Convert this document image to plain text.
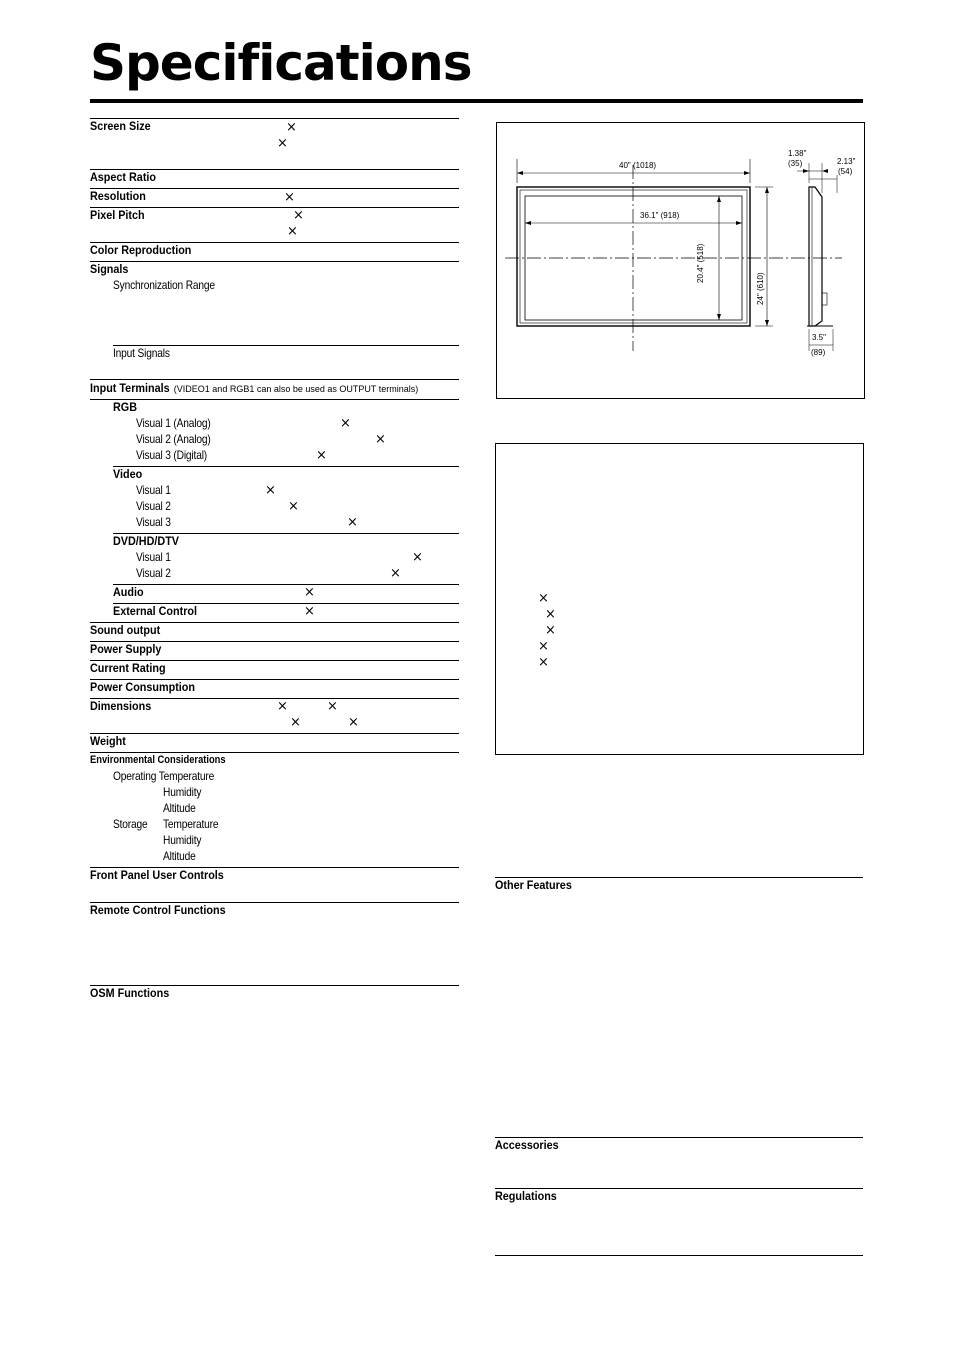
Specifications
Screen Size	×
×
Aspect Ratio
Resolution	×
Pixel Pitch	×
×
Color Reproduction
Signals
Synchronization Range
Input Signals
Input Terminals (VIDEO1 and RGB1 can also be used as OUTPUT terminals)
RGB
Visual 1 (Analog)	×
Visual 2 (Analog)	×
Visual 3 (Digital)	×
Video
Visual 1	×
Visual 2	×
Visual 3	×
DVD/HD/DTV
Visual 1	×
Visual 2	×
Audio	×
External Control	×
Sound output
Power Supply
Current Rating
Power Consumption
Dimensions	×	×
×	×
Weight
Environmental Considerations
Operating Temperature
Humidity
Altitude
Storage Temperature
Humidity
Altitude
Front Panel User Controls
Remote Control Functions
OSM Functions
40" (1018)
36.1" (918)
20.4" (518)
24" (610)
1.38"
(35)	2.13"
(54)
3.5"
(89)
×
×
×
×
×
Other Features
Accessories
Regulations
